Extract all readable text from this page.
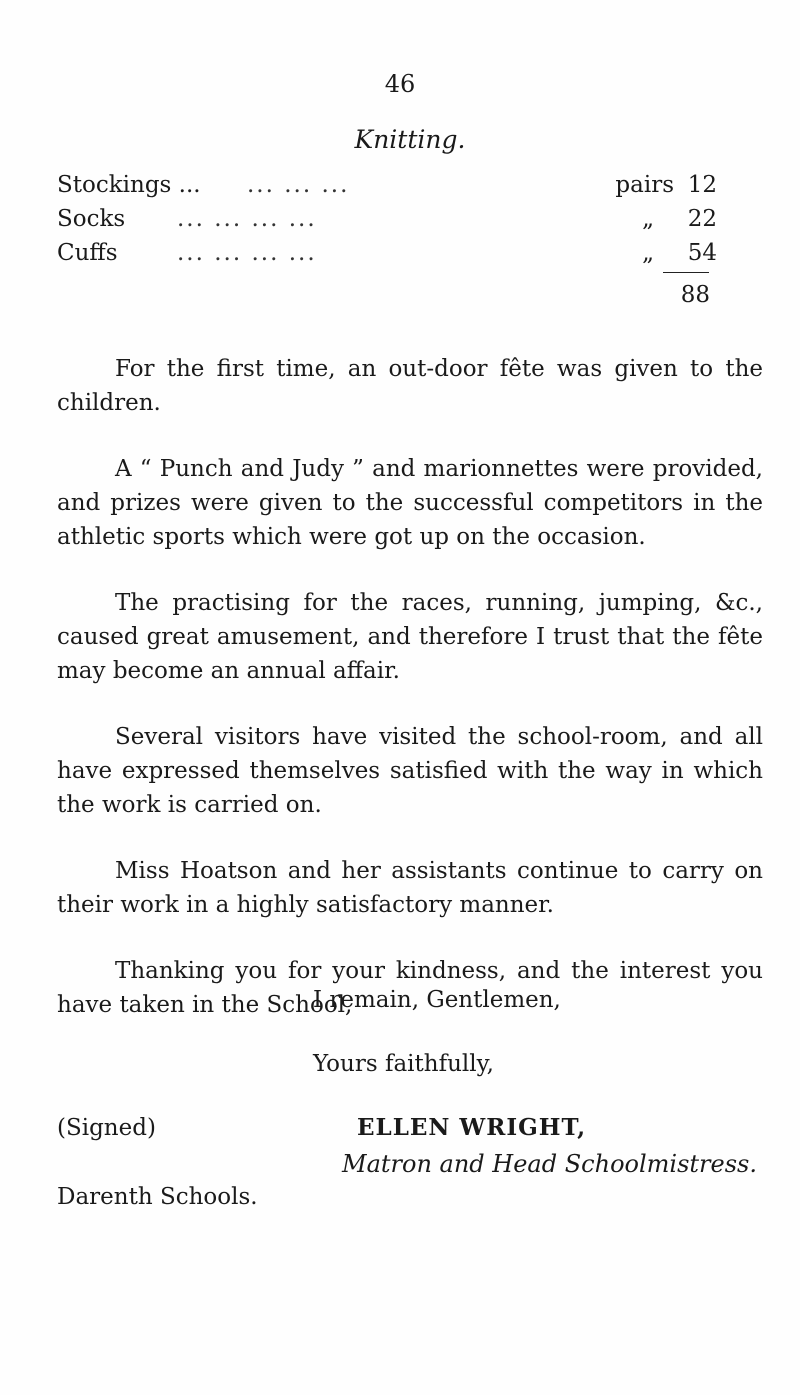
46
Knitting.
Stockings ... ... ... ...	pairs 12
Socks ... ... ... ...	„	22
Cuffs	... ... ... ...	„	54
88

For the first time, an out-door fête was given to the children.

A “ Punch and Judy ” and marionnettes were provided, and prizes were given to the successful competitors in the athletic sports which were got up on the occasion.

The practising for the races, running, jumping, &c., caused great amusement, and therefore I trust that the fête may become an annual affair.

Several visitors have visited the school-room, and all have expressed themselves satisfied with the way in which the work is carried on.

Miss Hoatson and her assistants continue to carry on their work in a highly satisfactory manner.

Thanking you for your kindness, and the interest you have taken in the School,

I remain, Gentlemen,
Yours faithfully,
(Signed)	ELLEN WRIGHT,
Matron and Head Schoolmistress.
Darenth Schools.
